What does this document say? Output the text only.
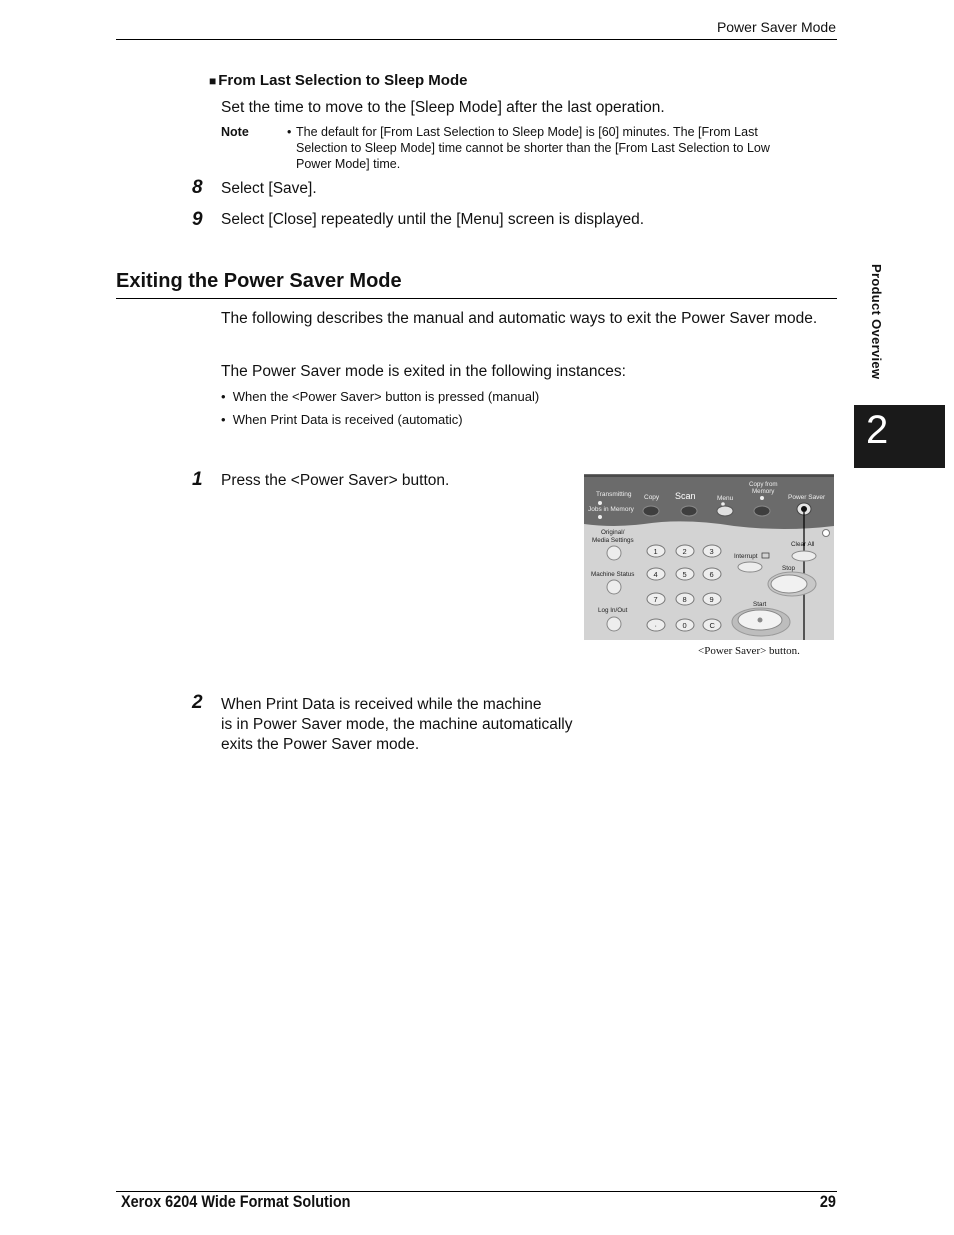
Power Saver Mode
■ From Last Selection to Sleep Mode
Set the time to move to the [Sleep Mode] after the last operation.
Note	• The default for [From Last Selection to Sleep Mode] is [60] minutes. The [From Last
Selection to Sleep Mode] time cannot be shorter than the [From Last Selection to Low
Power Mode] time.
8 Select [Save].
9 Select [Close] repeatedly until the [Menu] screen is displayed.
Exiting the Power Saver Mode
The following describes the manual and automatic ways to exit the Power Saver mode.
The Power Saver mode is exited in the following instances:
•  When the <Power Saver> button is pressed (manual)
•  When Print Data is received (automatic)
1 Press the <Power Saver> button.
Transmitting
Jobs in Memory
Copy Scan	Menu
Copy from
Memory
Power Saver
Original/
Media Settings
Machine Status
Log In/Out
1	2	3
4	5	6
7	8	9
·	0	C
Interrupt
Clear All
Stop
Start
<Power Saver> button.
2 When Print Data is received while the machine
is in Power Saver mode, the machine automatically
exits the Power Saver mode.
Product Overview
2
Xerox 6204 Wide Format Solution	29
